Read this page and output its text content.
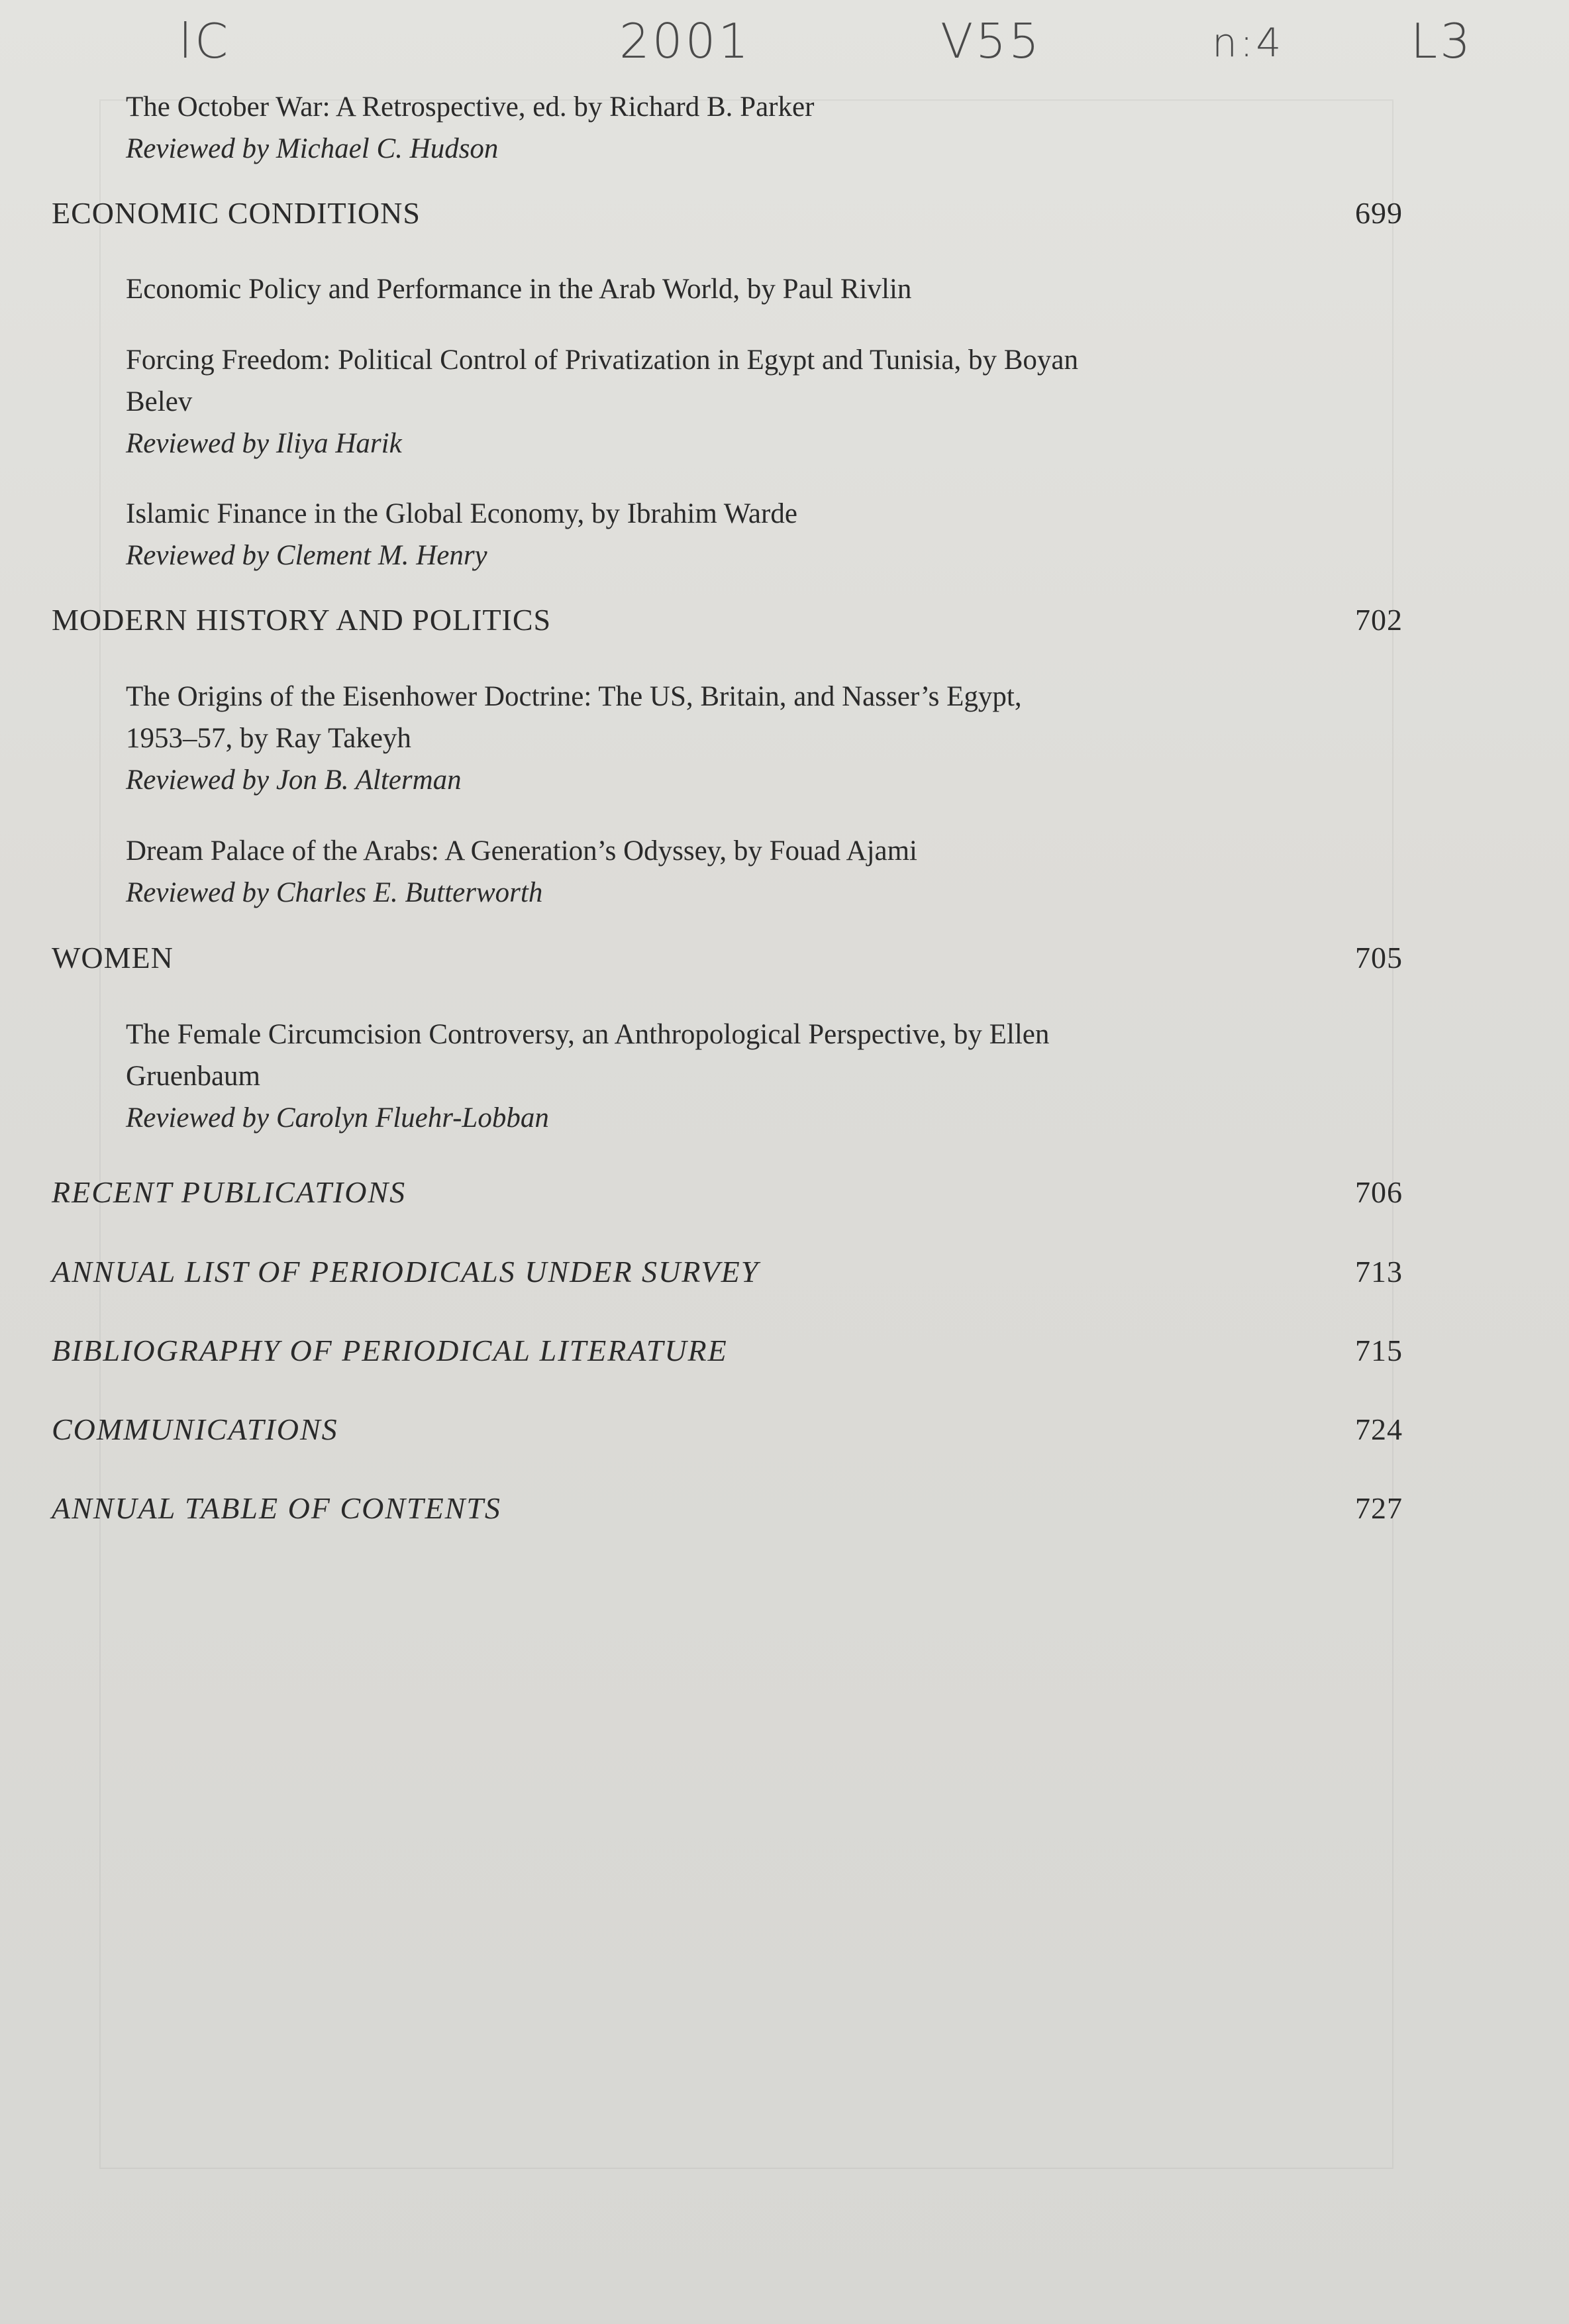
lC	2001	V55	n:4	L3
The October War: A Retrospective, ed. by Richard B. Parker
Reviewed by Michael C. Hudson
ECONOMIC CONDITIONS	699
Economic Policy and Performance in the Arab World, by Paul Rivlin
Forcing Freedom: Political Control of Privatization in Egypt and Tunisia, by Boyan
Belev
Reviewed by Iliya Harik
Islamic Finance in the Global Economy, by Ibrahim Warde
Reviewed by Clement M. Henry
MODERN HISTORY AND POLITICS	702
The Origins of the Eisenhower Doctrine: The US, Britain, and Nasser’s Egypt,
1953–57, by Ray Takeyh
Reviewed by Jon B. Alterman
Dream Palace of the Arabs: A Generation’s Odyssey, by Fouad Ajami
Reviewed by Charles E. Butterworth
WOMEN	705
The Female Circumcision Controversy, an Anthropological Perspective, by Ellen
Gruenbaum
Reviewed by Carolyn Fluehr-Lobban
RECENT PUBLICATIONS	706
ANNUAL LIST OF PERIODICALS UNDER SURVEY	713
BIBLIOGRAPHY OF PERIODICAL LITERATURE	715
COMMUNICATIONS	724
ANNUAL TABLE OF CONTENTS	727
